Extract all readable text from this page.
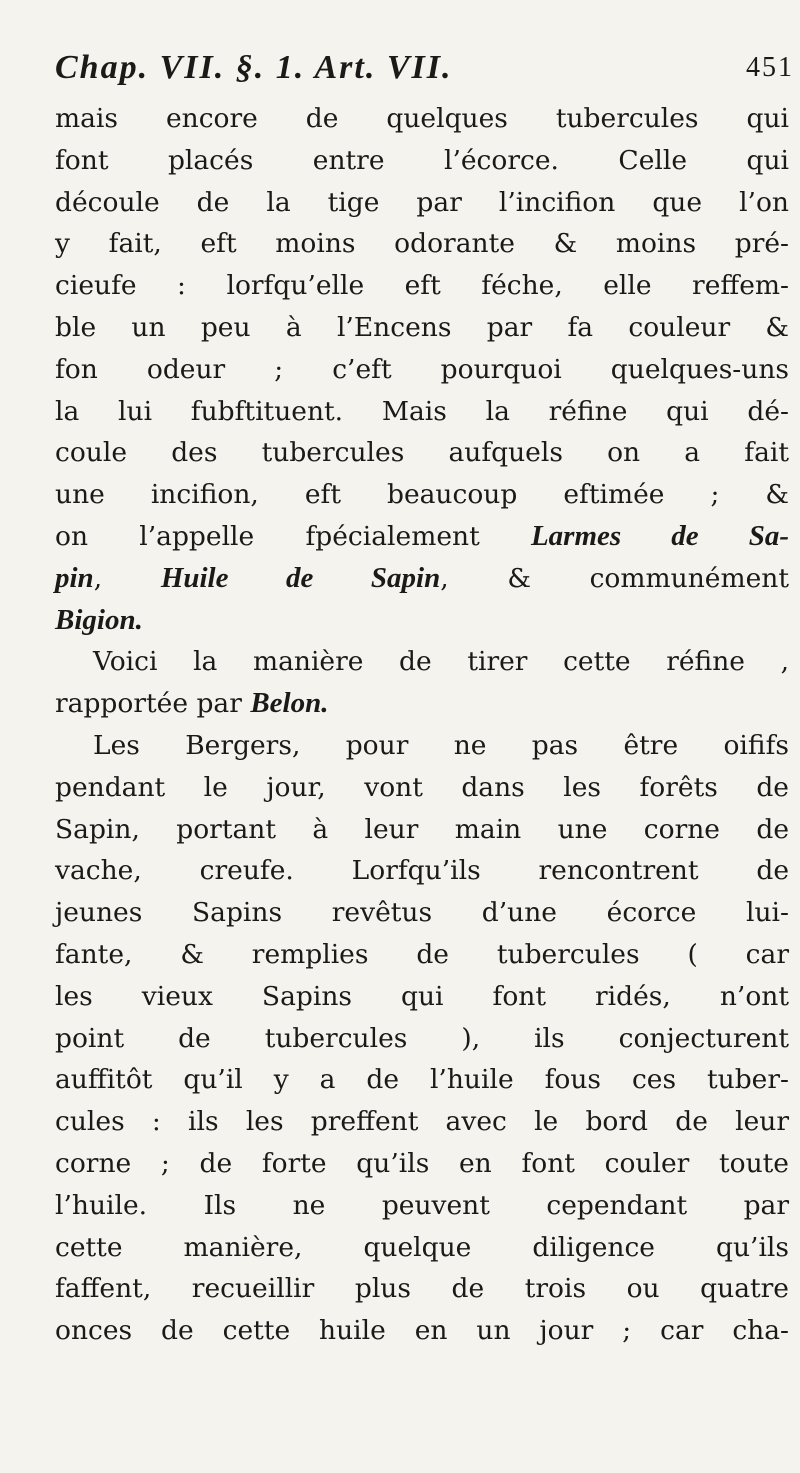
Chap. VII. §. 1. Art. VII.	451
mais encore de quelques tubercules qui
font placés entre l’écorce. Celle qui
découle de la tige par l’incifion que l’on
y fait, eft moins odorante & moins pré-
cieufe : lorfqu’elle eft féche, elle reffem-
ble un peu à l’Encens par fa couleur &
fon odeur ; c’eft pourquoi quelques-uns
la lui fubftituent. Mais la réfine qui dé-
coule des tubercules aufquels on a fait
une incifion, eft beaucoup eftimée ; &
on l’appelle fpécialement Larmes de Sa-
pin, Huile de Sapin, & communément
Bigion.
Voici la manière de tirer cette réfine ,
rapportée par Belon.
Les Bergers, pour ne pas être oififs
pendant le jour, vont dans les forêts de
Sapin, portant à leur main une corne de
vache, creufe. Lorfqu’ils rencontrent de
jeunes Sapins revêtus d’une écorce lui-
fante, & remplies de tubercules ( car
les vieux Sapins qui font ridés, n’ont
point de tubercules ), ils conjecturent
auffitôt qu’il y a de l’huile fous ces tuber-
cules : ils les preffent avec le bord de leur
corne ; de forte qu’ils en font couler toute
l’huile. Ils ne peuvent cependant par
cette manière, quelque diligence qu’ils
faffent, recueillir plus de trois ou quatre
onces de cette huile en un jour ; car cha-
